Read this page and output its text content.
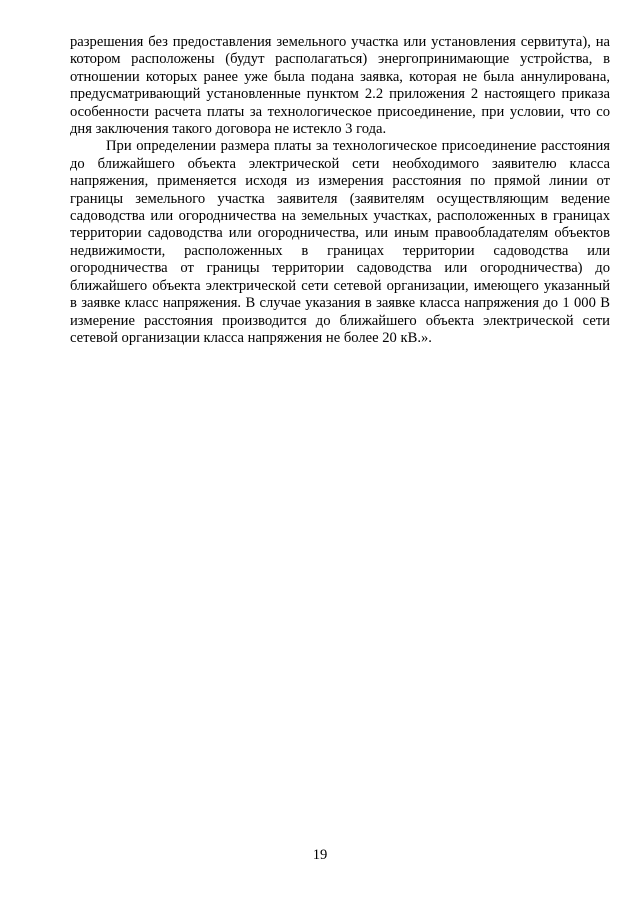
разрешения без предоставления земельного участка или установления сервитута), на котором расположены (будут располагаться) энергопринимающие устройства, в отношении которых ранее уже была подана заявка, которая не была аннулирована, предусматривающий установленные пунктом 2.2 приложения 2 настоящего приказа особенности расчета платы за технологическое присоединение, при условии, что со дня заключения такого договора не истекло 3 года.

При определении размера платы за технологическое присоединение расстояния до ближайшего объекта электрической сети необходимого заявителю класса напряжения, применяется исходя из измерения расстояния по прямой линии от границы земельного участка заявителя (заявителям осуществляющим ведение садоводства или огородничества на земельных участках, расположенных в границах территории садоводства или огородничества, или иным правообладателям объектов недвижимости, расположенных в границах территории садоводства или огородничества от границы территории садоводства или огородничества) до ближайшего объекта электрической сети сетевой организации, имеющего указанный в заявке класс напряжения. В случае указания в заявке класса напряжения до 1 000 В измерение расстояния производится до ближайшего объекта электрической сети сетевой организации класса напряжения не более 20 кВ.».

19
